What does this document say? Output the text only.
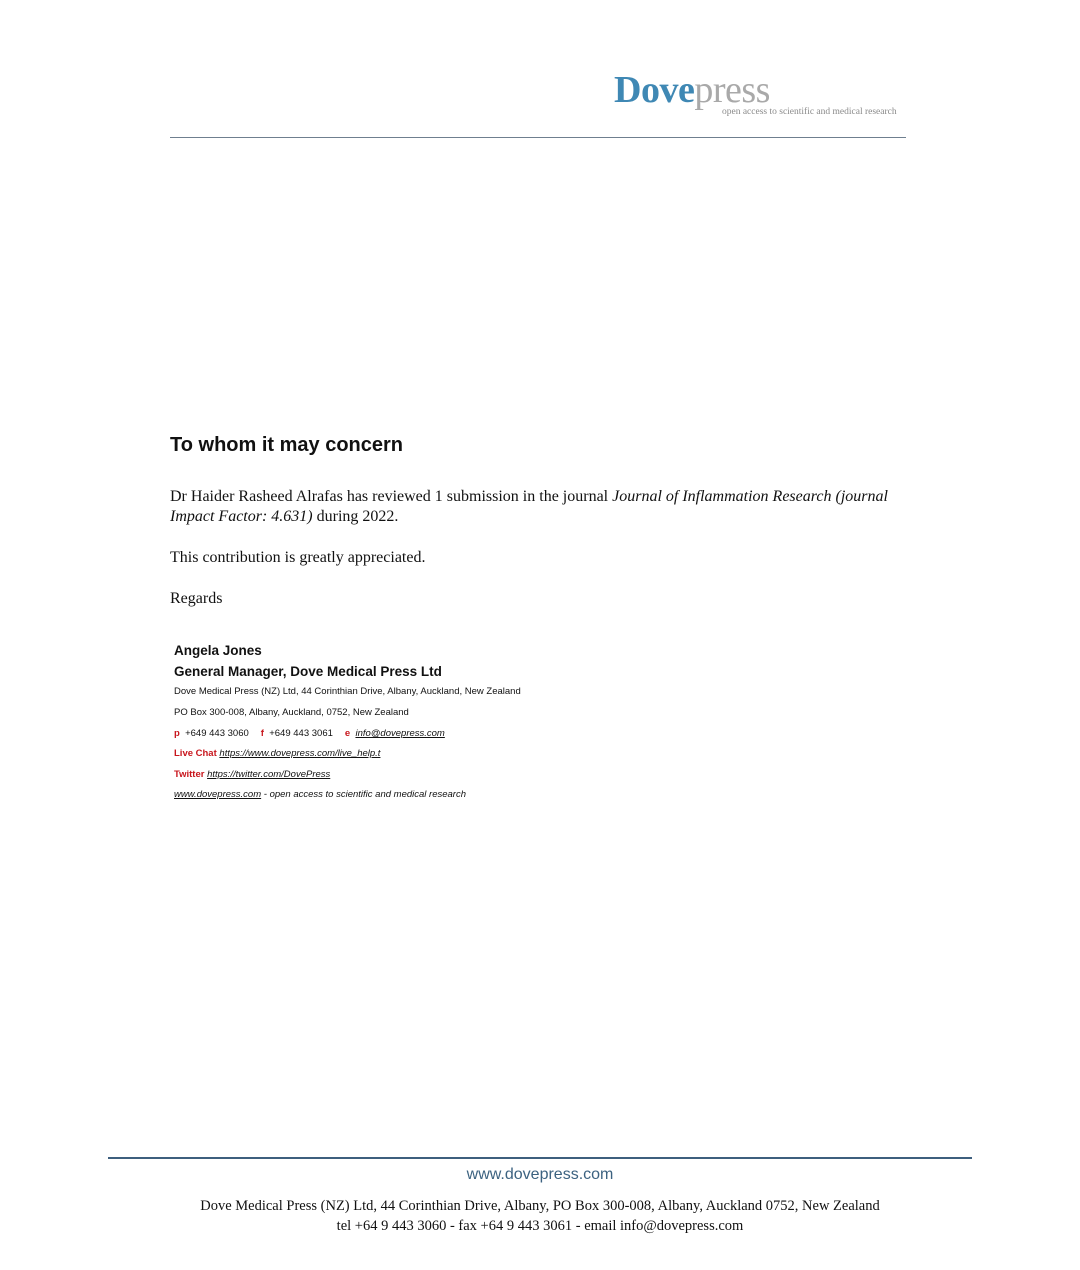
Dovepress
open access to scientific and medical research
To whom it may concern
Dr Haider Rasheed Alrafas has reviewed 1 submission in the journal Journal of Inflammation Research (journal Impact Factor: 4.631) during 2022.
This contribution is greatly appreciated.
Regards
Angela Jones
General Manager, Dove Medical Press Ltd
Dove Medical Press (NZ) Ltd, 44 Corinthian Drive, Albany, Auckland, New Zealand
PO Box 300-008, Albany, Auckland, 0752, New Zealand
p +649 443 3060 f +649 443 3061 e info@dovepress.com
Live Chat https://www.dovepress.com/live_help.t
Twitter https://twitter.com/DovePress
www.dovepress.com - open access to scientific and medical research
www.dovepress.com
Dove Medical Press (NZ) Ltd, 44 Corinthian Drive, Albany, PO Box 300-008, Albany, Auckland 0752, New Zealand
tel +64 9 443 3060 - fax +64 9 443 3061 - email info@dovepress.com
